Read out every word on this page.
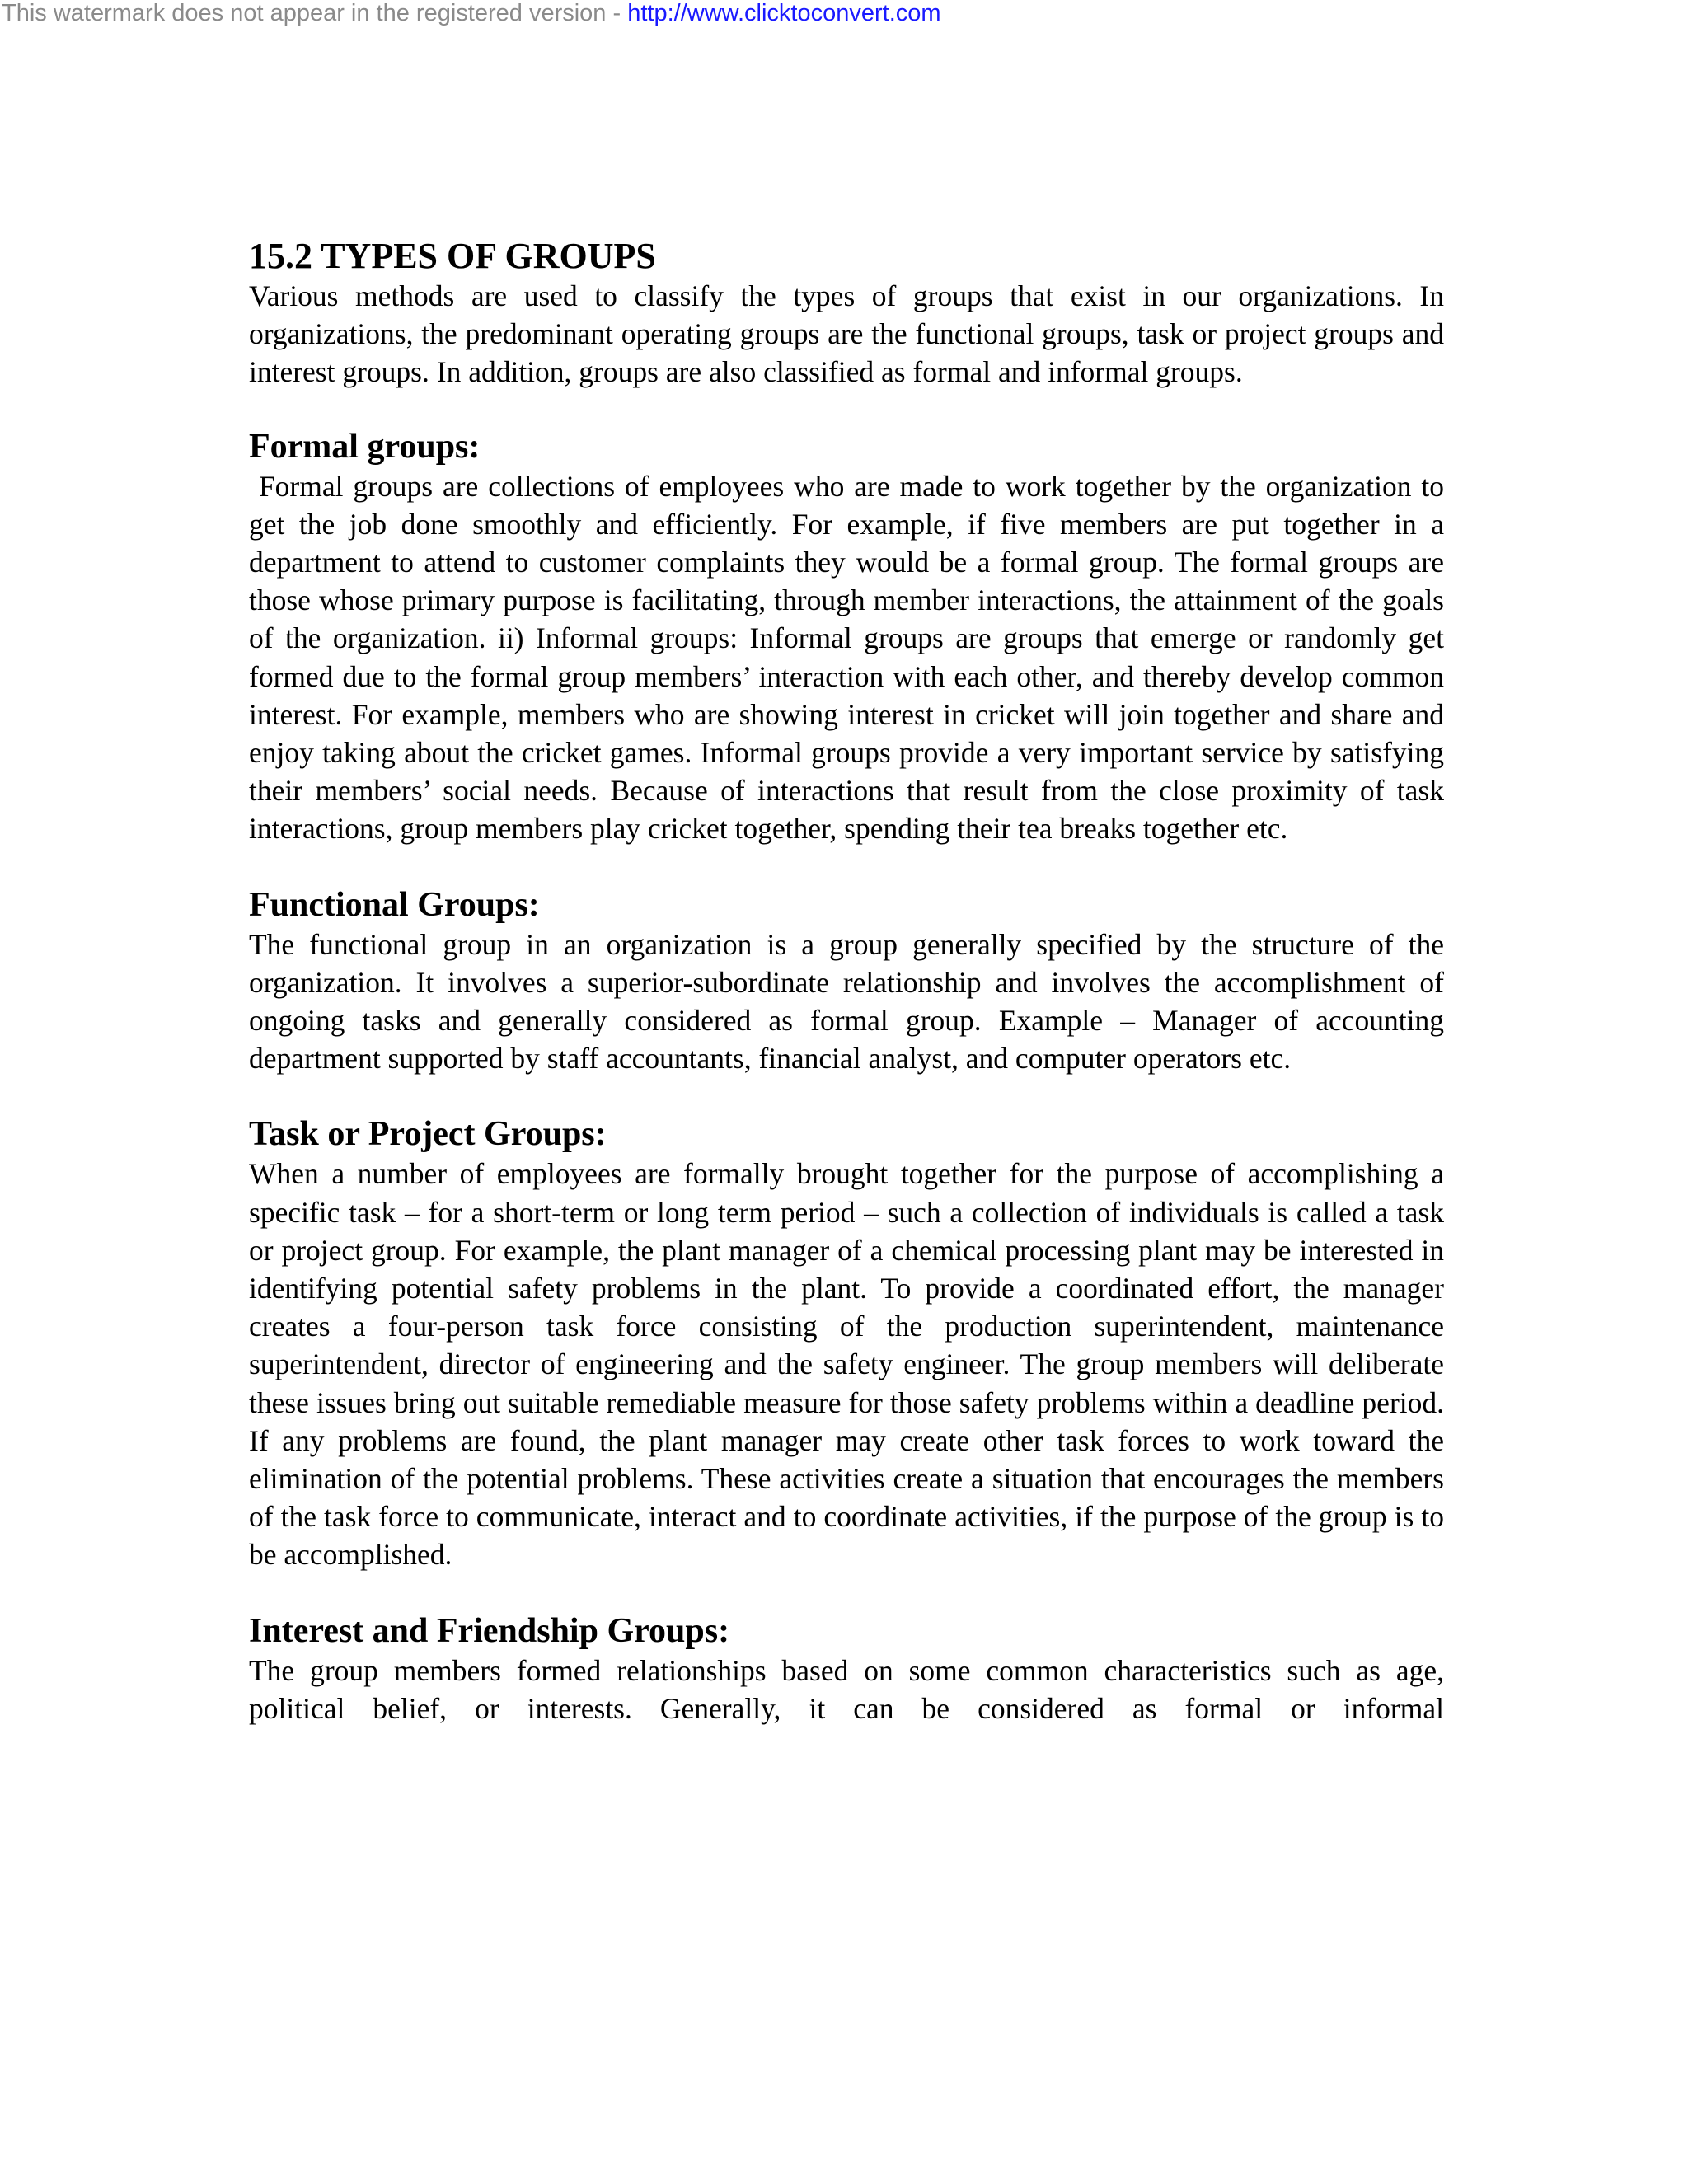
This watermark does not appear in the registered version - http://www.clicktoconvert.com
15.2 TYPES OF GROUPS

Various methods are used to classify the types of groups that exist in our organizations. In organizations, the predominant operating groups are the functional groups, task or project groups and interest groups. In addition, groups are also classified as formal and informal groups.

Formal groups:

Formal groups are collections of employees who are made to work together by the organization to get the job done smoothly and efficiently. For example, if five members are put together in a department to attend to customer complaints they would be a formal group. The formal groups are those whose primary purpose is facilitating, through member interactions, the attainment of the goals of the organization. ii) Informal groups: Informal groups are groups that emerge or randomly get formed due to the formal group members’ interaction with each other, and thereby develop common interest. For example, members who are showing interest in cricket will join together and share and enjoy taking about the cricket games. Informal groups provide a very important service by satisfying their members’ social needs. Because of interactions that result from the close proximity of task interactions, group members play cricket together, spending their tea breaks together etc.

Functional Groups:

The functional group in an organization is a group generally specified by the structure of the organization. It involves a superior-subordinate relationship and involves the accomplishment of ongoing tasks and generally considered as formal group. Example – Manager of accounting department supported by staff accountants, financial analyst, and computer operators etc.

Task or Project Groups:

When a number of employees are formally brought together for the purpose of accomplishing a specific task – for a short-term or long term period – such a collection of individuals is called a task or project group. For example, the plant manager of a chemical processing plant may be interested in identifying potential safety problems in the plant. To provide a coordinated effort, the manager creates a four-person task force consisting of the production superintendent, maintenance superintendent, director of engineering and the safety engineer. The group members will deliberate these issues bring out suitable remediable measure for those safety problems within a deadline period. If any problems are found, the plant manager may create other task forces to work toward the elimination of the potential problems. These activities create a situation that encourages the members of the task force to communicate, interact and to coordinate activities, if the purpose of the group is to be accomplished.

Interest and Friendship Groups:

The group members formed relationships based on some common characteristics such as age, political belief, or interests. Generally, it can be considered as formal or informal
